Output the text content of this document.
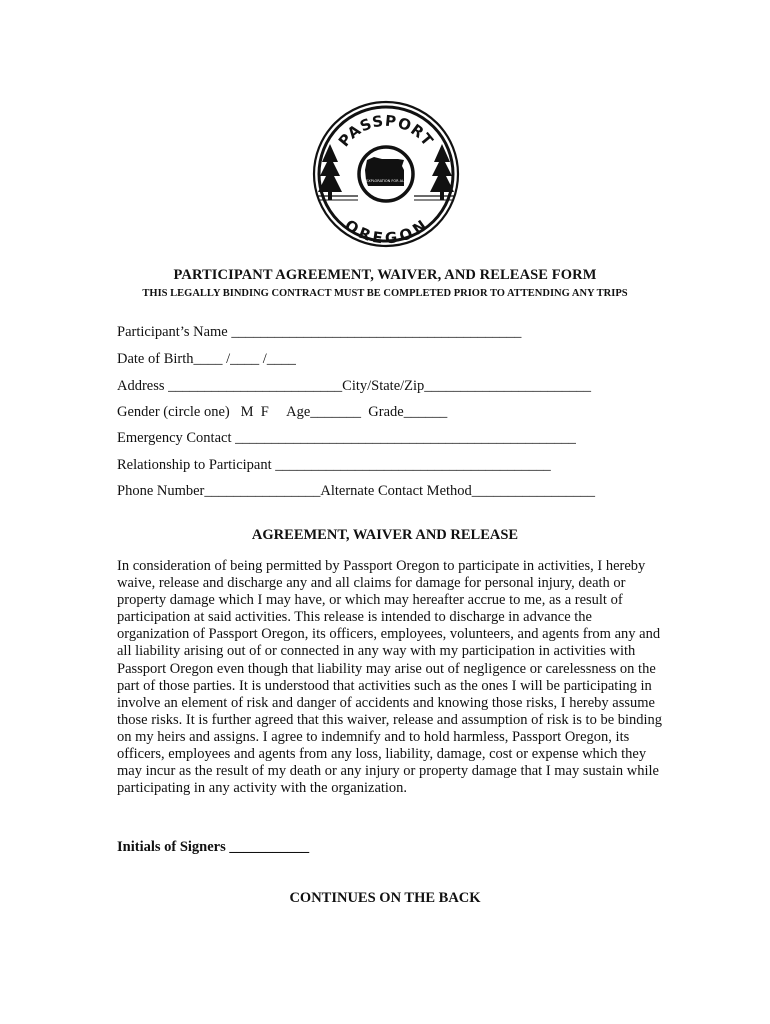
PASSPORT
OREGON
EXPLORATION FOR ALL
PARTICIPANT AGREEMENT, WAIVER, AND RELEASE FORM
THIS LEGALLY BINDING CONTRACT MUST BE COMPLETED PRIOR TO ATTENDING ANY TRIPS
Participant’s Name ________________________________________
Date of Birth____ /____ /____
Address ________________________City/State/Zip_______________________
Gender (circle one)   M  F     Age_______  Grade______
Emergency Contact _______________________________________________
Relationship to Participant ______________________________________
Phone Number________________Alternate Contact Method_________________
AGREEMENT, WAIVER AND RELEASE

In consideration of being permitted by Passport Oregon to participate in activities, I hereby waive, release and discharge any and all claims for damage for personal injury, death or property damage which I may have, or which may hereafter accrue to me, as a result of participation at said activities. This release is intended to discharge in advance the organization of Passport Oregon, its officers, employees, volunteers, and agents from any and all liability arising out of or connected in any way with my participation in activities with Passport Oregon even though that liability may arise out of negligence or carelessness on the part of those parties. It is understood that activities such as the ones I will be participating in involve an element of risk and danger of accidents and knowing those risks, I hereby assume those risks. It is further agreed that this waiver, release and assumption of risk is to be binding on my heirs and assigns. I agree to indemnify and to hold harmless, Passport Oregon, its officers, employees and agents from any loss, liability, damage, cost or expense which they may incur as the result of my death or any injury or property damage that I may sustain while participating in any activity with the organization.

Initials of Signers ___________
CONTINUES ON THE BACK
